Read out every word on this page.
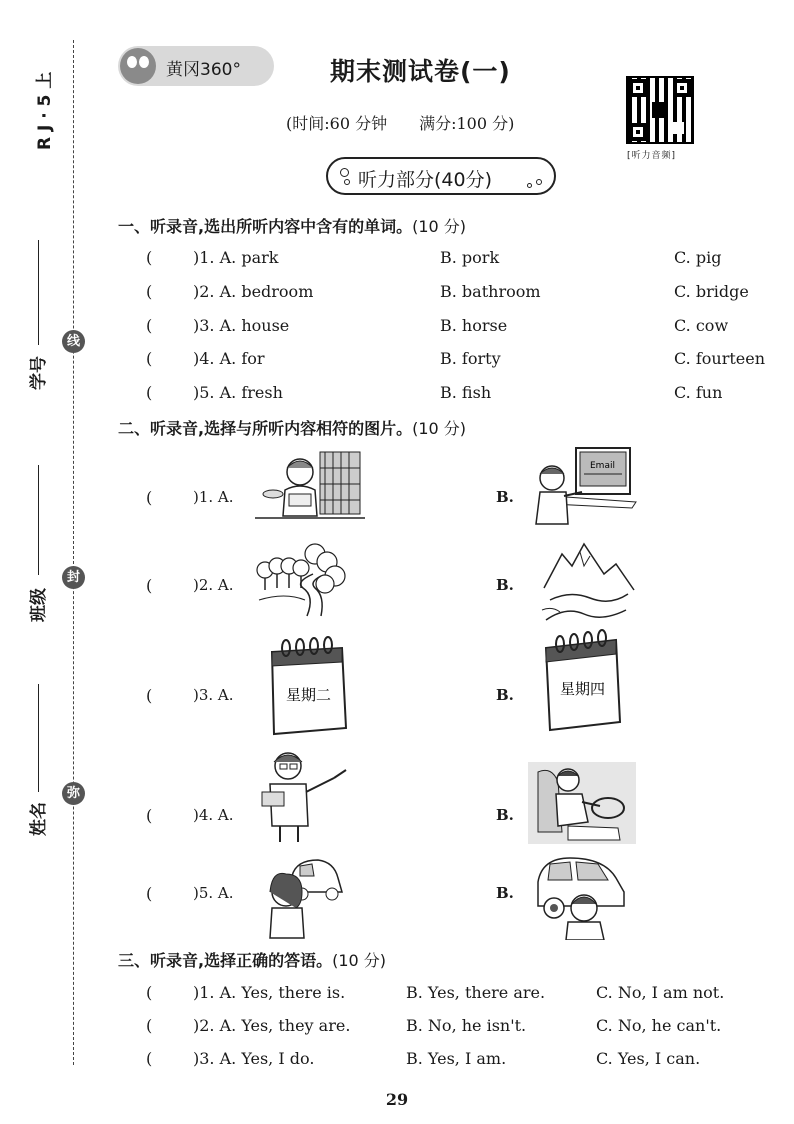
R J · 5 上
学号
线
班级
封
姓名
弥
黄冈360°	期末测试卷(一)
(时间:60 分钟　　满分:100 分)
[听力音频]
听力部分(40分)
一、听录音,选出所听内容中含有的单词。(10 分)
(	)1. A. park	B. pork	C. pig
(	)2. A. bedroom	B. bathroom	C. bridge
(	)3. A. house	B. horse	C. cow
(	)4. A. for	B. forty	C. fourteen
(	)5. A. fresh	B. fish	C. fun
二、听录音,选择与所听内容相符的图片。(10 分)
(	)1. A.	B.
Email
(	)2. A.	B.
(	)3. A.	星期二	B.	星期四
(	)4. A.	B.
(	)5. A.	B.
三、听录音,选择正确的答语。(10 分)
(	)1. A. Yes, there is.	B. Yes, there are.	C. No, I am not.
(	)2. A. Yes, they are.	B. No, he isn't.	C. No, he can't.
(	)3. A. Yes, I do.	B. Yes, I am.	C. Yes, I can.
29
